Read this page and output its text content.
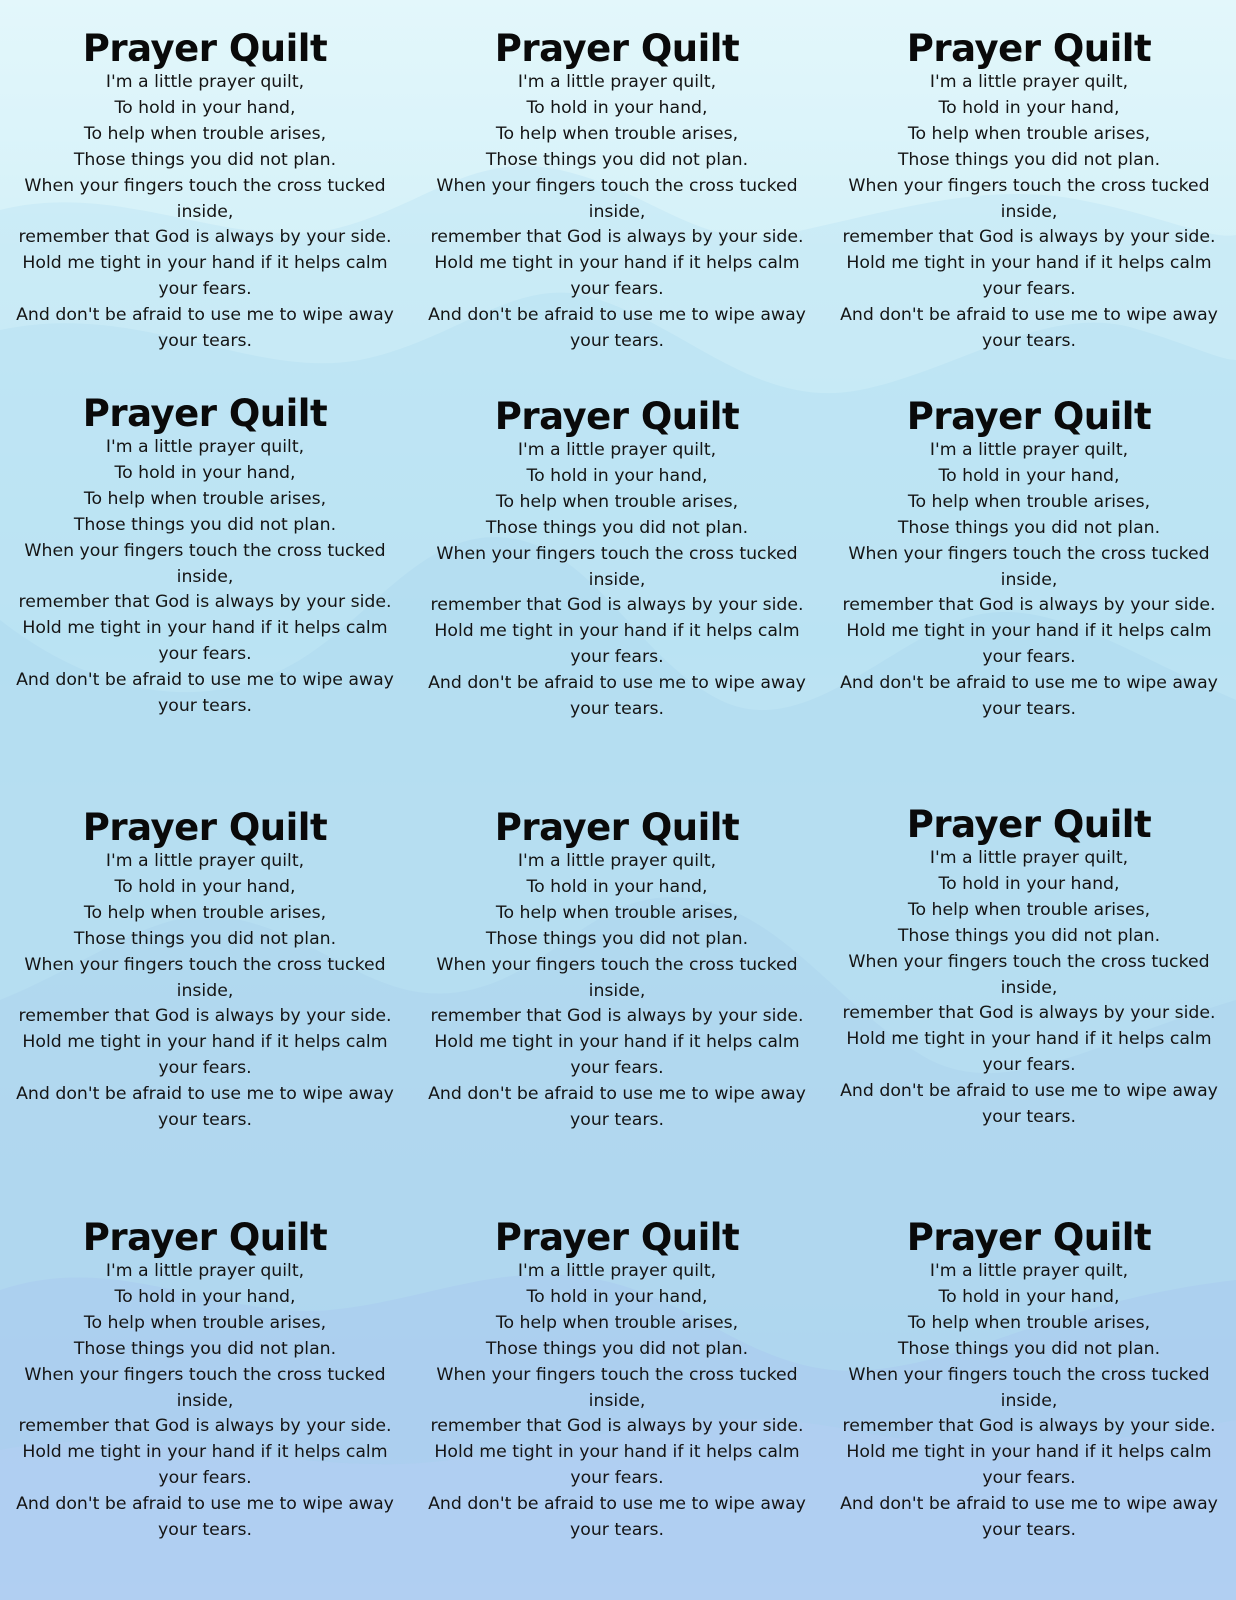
Prayer Quilt
I'm a little prayer quilt,
To hold in your hand,
To help when trouble arises,
Those things you did not plan.
When your fingers touch the cross tucked
inside,
remember that God is always by your side.
Hold me tight in your hand if it helps calm
your fears.
And don't be afraid to use me to wipe away
your tears.
Prayer Quilt
I'm a little prayer quilt,
To hold in your hand,
To help when trouble arises,
Those things you did not plan.
When your fingers touch the cross tucked
inside,
remember that God is always by your side.
Hold me tight in your hand if it helps calm
your fears.
And don't be afraid to use me to wipe away
your tears.
Prayer Quilt
I'm a little prayer quilt,
To hold in your hand,
To help when trouble arises,
Those things you did not plan.
When your fingers touch the cross tucked
inside,
remember that God is always by your side.
Hold me tight in your hand if it helps calm
your fears.
And don't be afraid to use me to wipe away
your tears.
Prayer Quilt
I'm a little prayer quilt,
To hold in your hand,
To help when trouble arises,
Those things you did not plan.
When your fingers touch the cross tucked
inside,
remember that God is always by your side.
Hold me tight in your hand if it helps calm
your fears.
And don't be afraid to use me to wipe away
your tears.
Prayer Quilt
I'm a little prayer quilt,
To hold in your hand,
To help when trouble arises,
Those things you did not plan.
When your fingers touch the cross tucked
inside,
remember that God is always by your side.
Hold me tight in your hand if it helps calm
your fears.
And don't be afraid to use me to wipe away
your tears.
Prayer Quilt
I'm a little prayer quilt,
To hold in your hand,
To help when trouble arises,
Those things you did not plan.
When your fingers touch the cross tucked
inside,
remember that God is always by your side.
Hold me tight in your hand if it helps calm
your fears.
And don't be afraid to use me to wipe away
your tears.
Prayer Quilt
I'm a little prayer quilt,
To hold in your hand,
To help when trouble arises,
Those things you did not plan.
When your fingers touch the cross tucked
inside,
remember that God is always by your side.
Hold me tight in your hand if it helps calm
your fears.
And don't be afraid to use me to wipe away
your tears.
Prayer Quilt
I'm a little prayer quilt,
To hold in your hand,
To help when trouble arises,
Those things you did not plan.
When your fingers touch the cross tucked
inside,
remember that God is always by your side.
Hold me tight in your hand if it helps calm
your fears.
And don't be afraid to use me to wipe away
your tears.
Prayer Quilt
I'm a little prayer quilt,
To hold in your hand,
To help when trouble arises,
Those things you did not plan.
When your fingers touch the cross tucked
inside,
remember that God is always by your side.
Hold me tight in your hand if it helps calm
your fears.
And don't be afraid to use me to wipe away
your tears.
Prayer Quilt
I'm a little prayer quilt,
To hold in your hand,
To help when trouble arises,
Those things you did not plan.
When your fingers touch the cross tucked
inside,
remember that God is always by your side.
Hold me tight in your hand if it helps calm
your fears.
And don't be afraid to use me to wipe away
your tears.
Prayer Quilt
I'm a little prayer quilt,
To hold in your hand,
To help when trouble arises,
Those things you did not plan.
When your fingers touch the cross tucked
inside,
remember that God is always by your side.
Hold me tight in your hand if it helps calm
your fears.
And don't be afraid to use me to wipe away
your tears.
Prayer Quilt
I'm a little prayer quilt,
To hold in your hand,
To help when trouble arises,
Those things you did not plan.
When your fingers touch the cross tucked
inside,
remember that God is always by your side.
Hold me tight in your hand if it helps calm
your fears.
And don't be afraid to use me to wipe away
your tears.
